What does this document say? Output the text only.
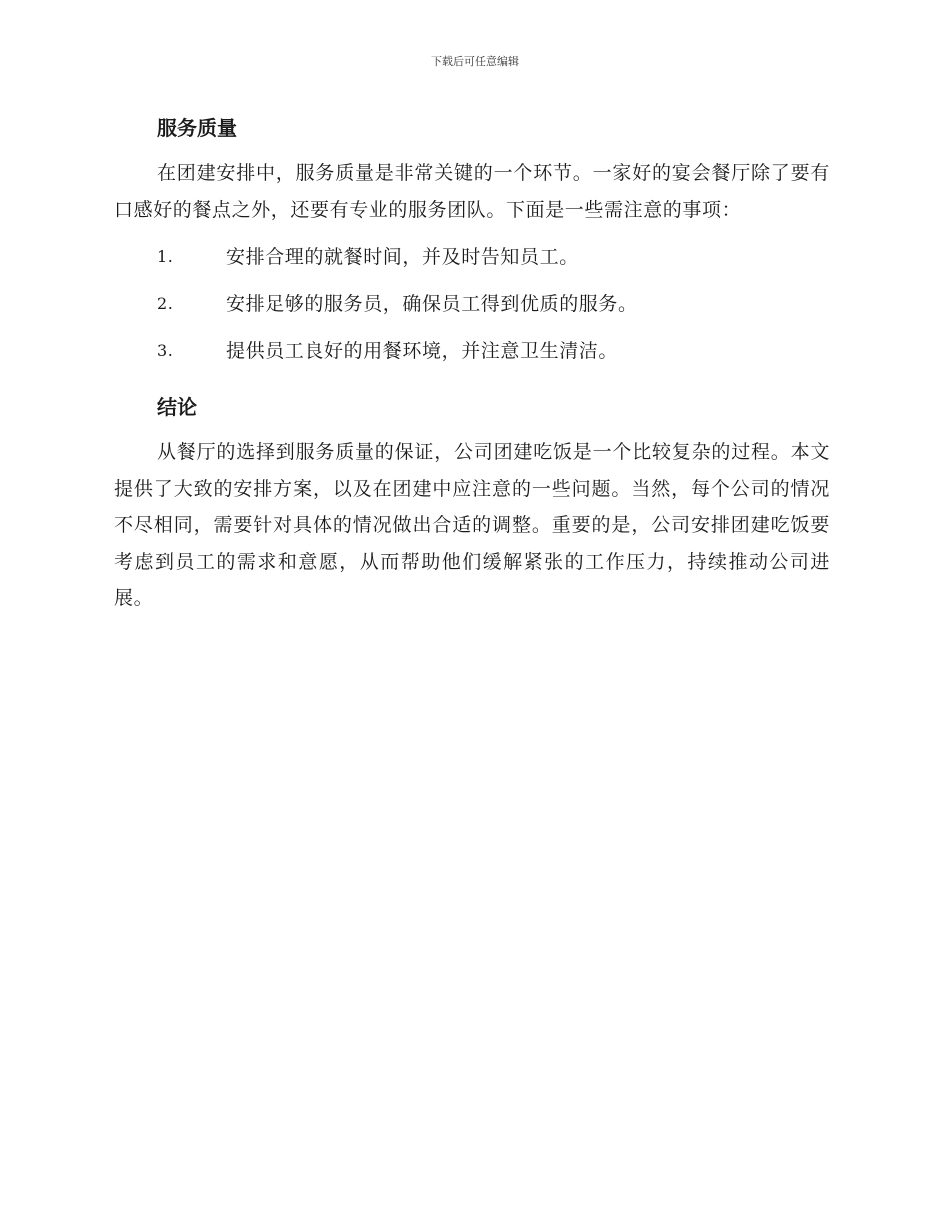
下载后可任意编辑
服务质量

在团建安排中，服务质量是非常关键的一个环节。一家好的宴会餐厅除了要有口感好的餐点之外，还要有专业的服务团队。下面是一些需注意的事项：

1.	安排合理的就餐时间，并及时告知员工。
2.	安排足够的服务员，确保员工得到优质的服务。
3.	提供员工良好的用餐环境，并注意卫生清洁。
结论

从餐厅的选择到服务质量的保证，公司团建吃饭是一个比较复杂的过程。本文提供了大致的安排方案，以及在团建中应注意的一些问题。当然，每个公司的情况不尽相同，需要针对具体的情况做出合适的调整。重要的是，公司安排团建吃饭要考虑到员工的需求和意愿，从而帮助他们缓解紧张的工作压力，持续推动公司进展。
